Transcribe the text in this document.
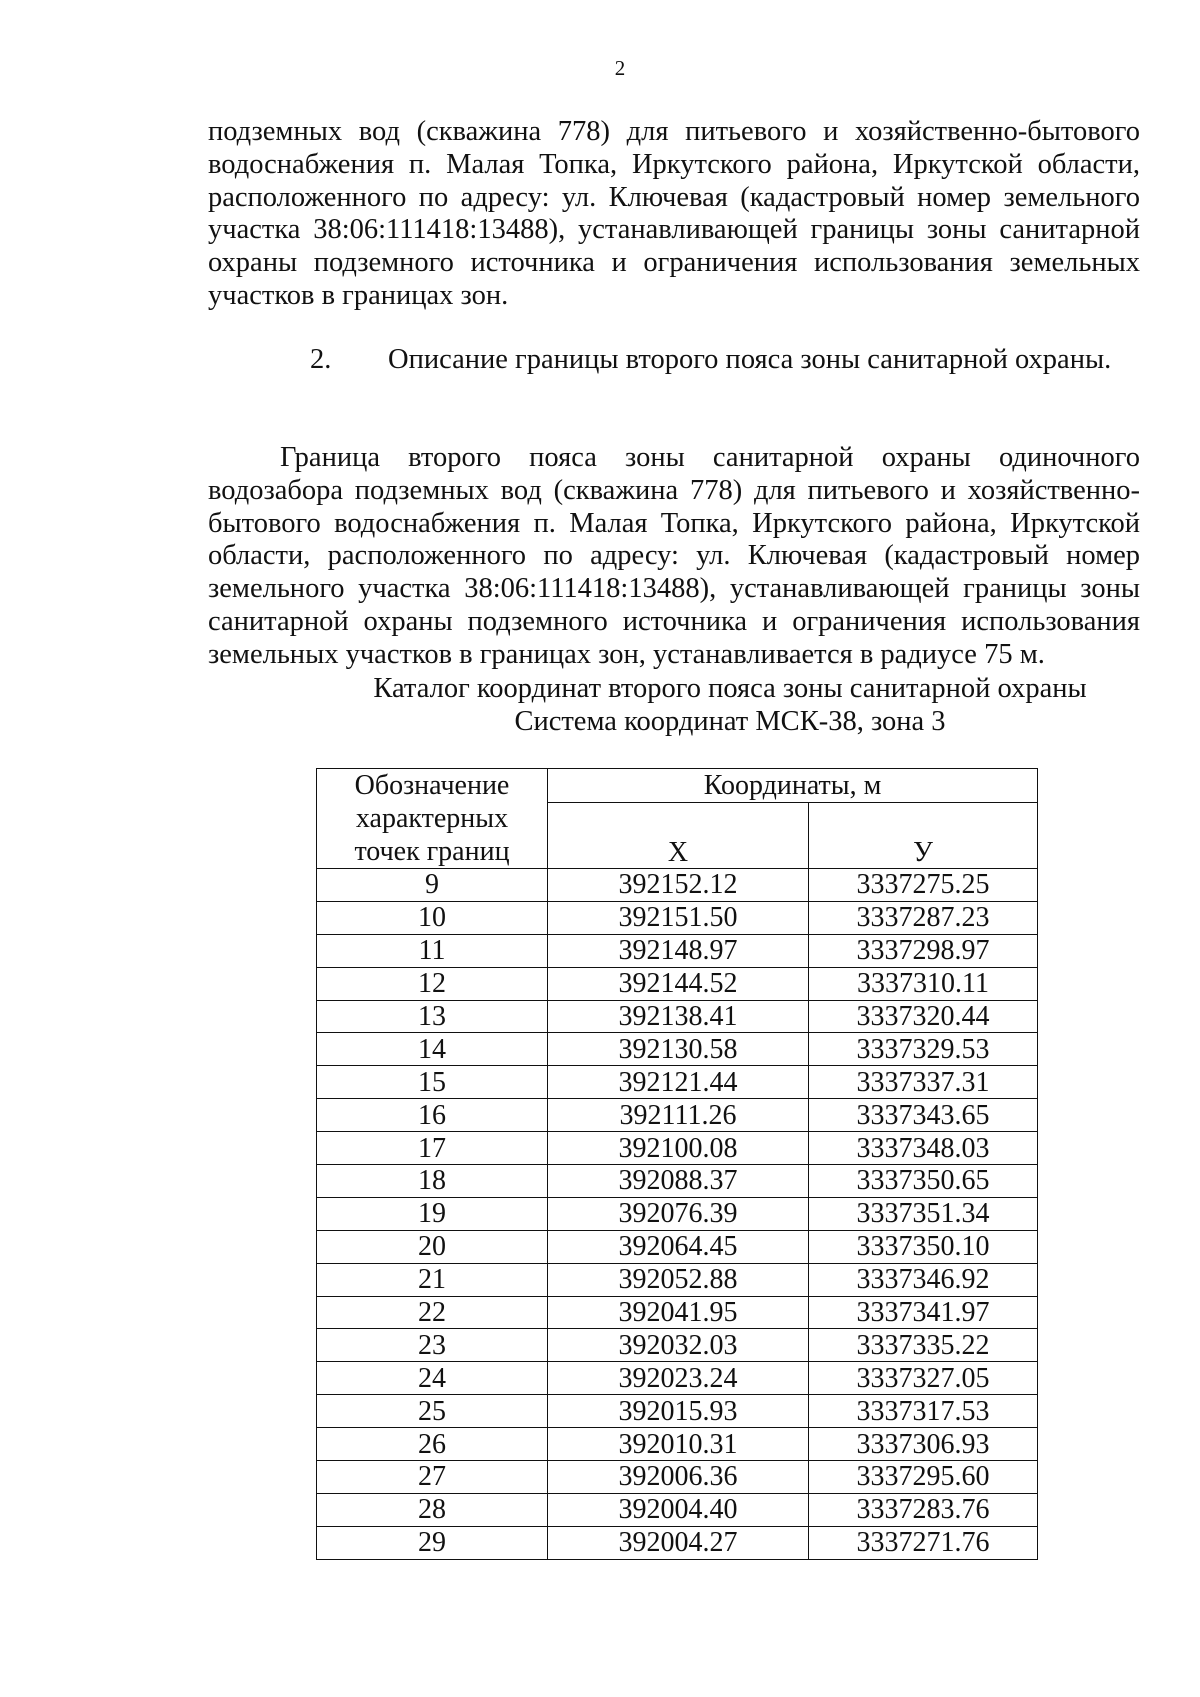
2

подземных вод (скважина 778) для питьевого и хозяйственно-бытового водоснабжения п. Малая Топка, Иркутского района, Иркутской области, расположенного по адресу: ул. Ключевая (кадастровый номер земельного участка 38:06:111418:13488), устанавливающей границы зоны санитарной охраны подземного источника и ограничения использования земельных участков в границах зон.

2. Описание границы второго пояса зоны санитарной охраны.

Граница второго пояса зоны санитарной охраны одиночного водозабора подземных вод (скважина 778) для питьевого и хозяйственно-бытового водоснабжения п. Малая Топка, Иркутского района, Иркутской области, расположенного по адресу: ул. Ключевая (кадастровый номер земельного участка 38:06:111418:13488), устанавливающей границы зоны санитарной охраны подземного источника и ограничения использования земельных участков в границах зон, устанавливается в радиусе 75 м.

Каталог координат второго пояса зоны санитарной охраны
Система координат МСК-38, зона 3
Обозначение
характерных
точек границ	Координаты, м	
	Х	У
9	392152.12	3337275.25
10	392151.50	3337287.23
11	392148.97	3337298.97
12	392144.52	3337310.11
13	392138.41	3337320.44
14	392130.58	3337329.53
15	392121.44	3337337.31
16	392111.26	3337343.65
17	392100.08	3337348.03
18	392088.37	3337350.65
19	392076.39	3337351.34
20	392064.45	3337350.10
21	392052.88	3337346.92
22	392041.95	3337341.97
23	392032.03	3337335.22
24	392023.24	3337327.05
25	392015.93	3337317.53
26	392010.31	3337306.93
27	392006.36	3337295.60
28	392004.40	3337283.76
29	392004.27	3337271.76
